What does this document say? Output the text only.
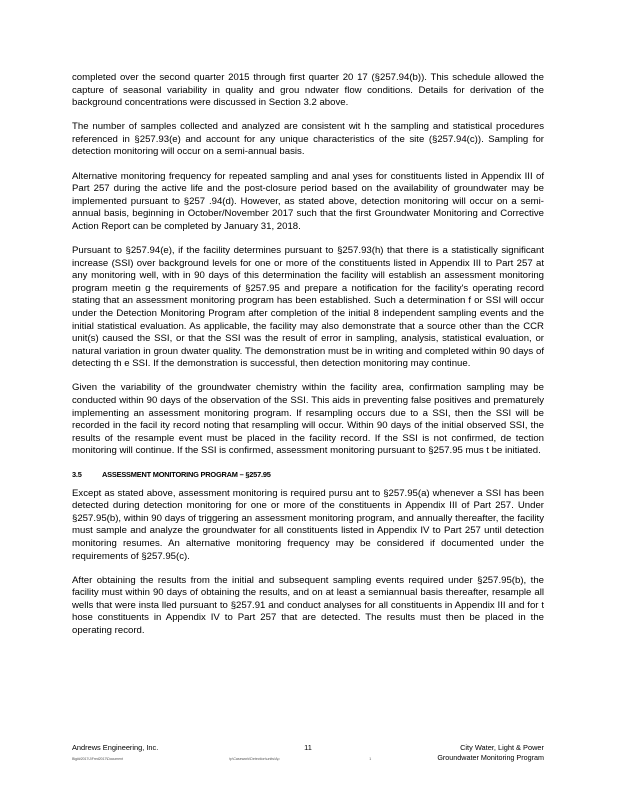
completed over the second quarter 2015 through first quarter 20 17 (§257.94(b)). This schedule allowed the capture of seasonal variability in quality and grou ndwater flow conditions. Details for derivation of the background concentrations were discussed in Section 3.2 above.

The number of samples collected and analyzed are consistent wit h the sampling and statistical procedures referenced in §257.93(e) and account for any unique characteristics of the site (§257.94(c)). Sampling for detection monitoring will occur on a semi-annual basis.

Alternative monitoring frequency for repeated sampling and anal yses for constituents listed in Appendix III of Part 257 during the active life and the post-closure period based on the availability of groundwater may be implemented pursuant to §257 .94(d). However, as stated above, detection monitoring will occur on a semi-annual basis, beginning in October/November 2017 such that the first Groundwater Monitoring and Corrective Action Report can be completed by January 31, 2018.

Pursuant to §257.94(e), if the facility determines pursuant to §257.93(h) that there is a statistically significant increase (SSI) over background levels for one or more of the constituents listed in Appendix III to Part 257 at any monitoring well, with in 90 days of this determination the facility will establish an assessment monitoring program meetin g the requirements of §257.95 and prepare a notification for the facility's operating record stating that an assessment monitoring program has been established. Such a determination f or SSI will occur under the Detection Monitoring Program after completion of the initial 8 independent sampling events and the initial statistical evaluation. As applicable, the facility may also demonstrate that a source other than the CCR unit(s) caused the SSI, or that the SSI was the result of error in sampling, analysis, statistical evaluation, or natural variation in groun dwater quality. The demonstration must be in writing and completed within 90 days of detecting th e SSI. If the demonstration is successful, then detection monitoring may continue.

Given the variability of the groundwater chemistry within the facility area, confirmation sampling may be conducted within 90 days of the observation of the SSI. This aids in preventing false positives and prematurely implementing an assessment monitoring program. If resampling occurs due to a SSI, then the SSI will be recorded in the facil ity record noting that resampling will occur. Within 90 days of the initial observed SSI, the results of the resample event must be placed in the facility record. If the SSI is not confirmed, de tection monitoring will continue. If the SSI is confirmed, assessment monitoring pursuant to §257.95 mus t be initiated.

3.5	ASSESSMENT MONITORING PROGRAM – §257.95

Except as stated above, assessment monitoring is required pursu ant to §257.95(a) whenever a SSI has been detected during detection monitoring for one or more of the constituents in Appendix III of Part 257. Under §257.95(b), within 90 days of triggering an assessment monitoring program, and annually thereafter, the facility must sample and analyze the groundwater for all constituents listed in Appendix IV to Part 257 until detection monitoring resumes. An alternative monitoring frequency may be considered if documented under the requirements of §257.95(c).

After obtaining the results from the initial and subsequent sampling events required under §257.95(b), the facility must within 90 days of obtaining the results, and on at least a semiannual basis thereafter, resample all wells that were insta lled pursuant to §257.91 and conduct analyses for all constituents in Appendix III and for t hose constituents in Appendix IV to Part 257 that are detected. The results must then be placed in the operating record.

Andrews Engineering, Inc.	11	City Water, Light & Power
Big##2017\J\Fred2017\Document	tp\Casework\Detection\units\Ap	1	Groundwater Monitoring Program
